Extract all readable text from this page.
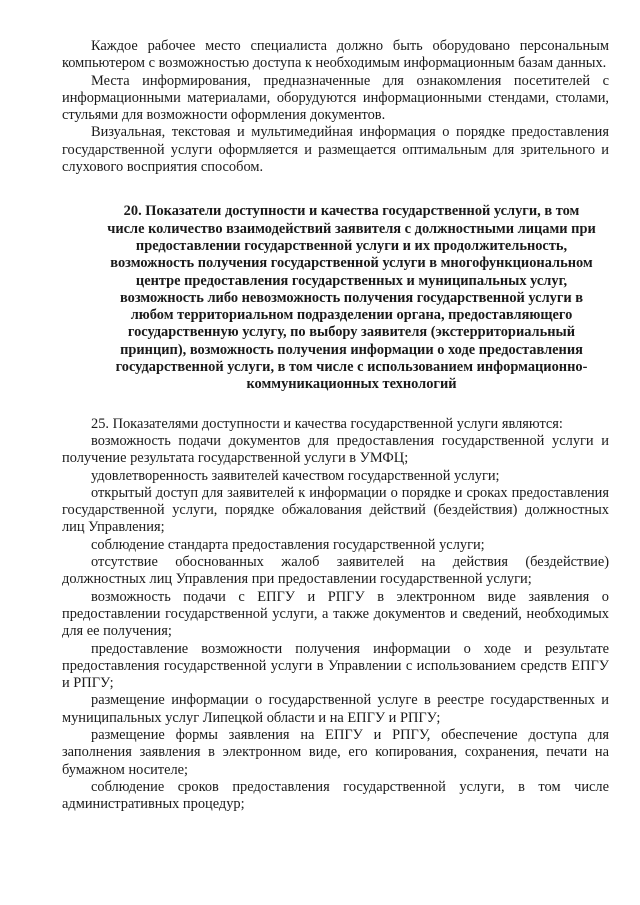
Каждое рабочее место специалиста должно быть оборудовано персональным компьютером с возможностью доступа к необходимым информационным базам данных.

Места информирования, предназначенные для ознакомления посетителей с информационными материалами, оборудуются информационными стендами, столами, стульями для возможности оформления документов.

Визуальная, текстовая и мультимедийная информация о порядке предоставления государственной услуги оформляется и размещается оптимальным для зрительного и слухового восприятия способом.

20. Показатели доступности и качества государственной услуги, в том числе количество взаимодействий заявителя с должностными лицами при предоставлении государственной услуги и их продолжительность, возможность получения государственной услуги в многофункциональном центре предоставления государственных и муниципальных услуг, возможность либо невозможность получения государственной услуги в любом территориальном подразделении органа, предоставляющего государственную услугу, по выбору заявителя (экстерриториальный принцип), возможность получения информации о ходе предоставления государственной услуги, в том числе с использованием информационно-коммуникационных технологий

25. Показателями доступности и качества государственной услуги являются:

возможность подачи документов для предоставления государственной услуги и получение результата государственной услуги в УМФЦ;

удовлетворенность заявителей качеством государственной услуги;

открытый доступ для заявителей к информации о порядке и сроках предоставления государственной услуги, порядке обжалования действий (бездействия) должностных лиц Управления;

соблюдение стандарта предоставления государственной услуги;

отсутствие обоснованных жалоб заявителей на действия (бездействие) должностных лиц Управления при предоставлении государственной услуги;

возможность подачи с ЕПГУ и РПГУ в электронном виде заявления о предоставлении государственной услуги, а также документов и сведений, необходимых для ее получения;

предоставление возможности получения информации о ходе и результате предоставления государственной услуги в Управлении с использованием средств ЕПГУ и РПГУ;

размещение информации о государственной услуге в реестре государственных и муниципальных услуг Липецкой области и на ЕПГУ и РПГУ;

размещение формы заявления на ЕПГУ и РПГУ, обеспечение доступа для заполнения заявления в электронном виде, его копирования, сохранения, печати на бумажном носителе;

соблюдение сроков предоставления государственной услуги, в том числе административных процедур;
